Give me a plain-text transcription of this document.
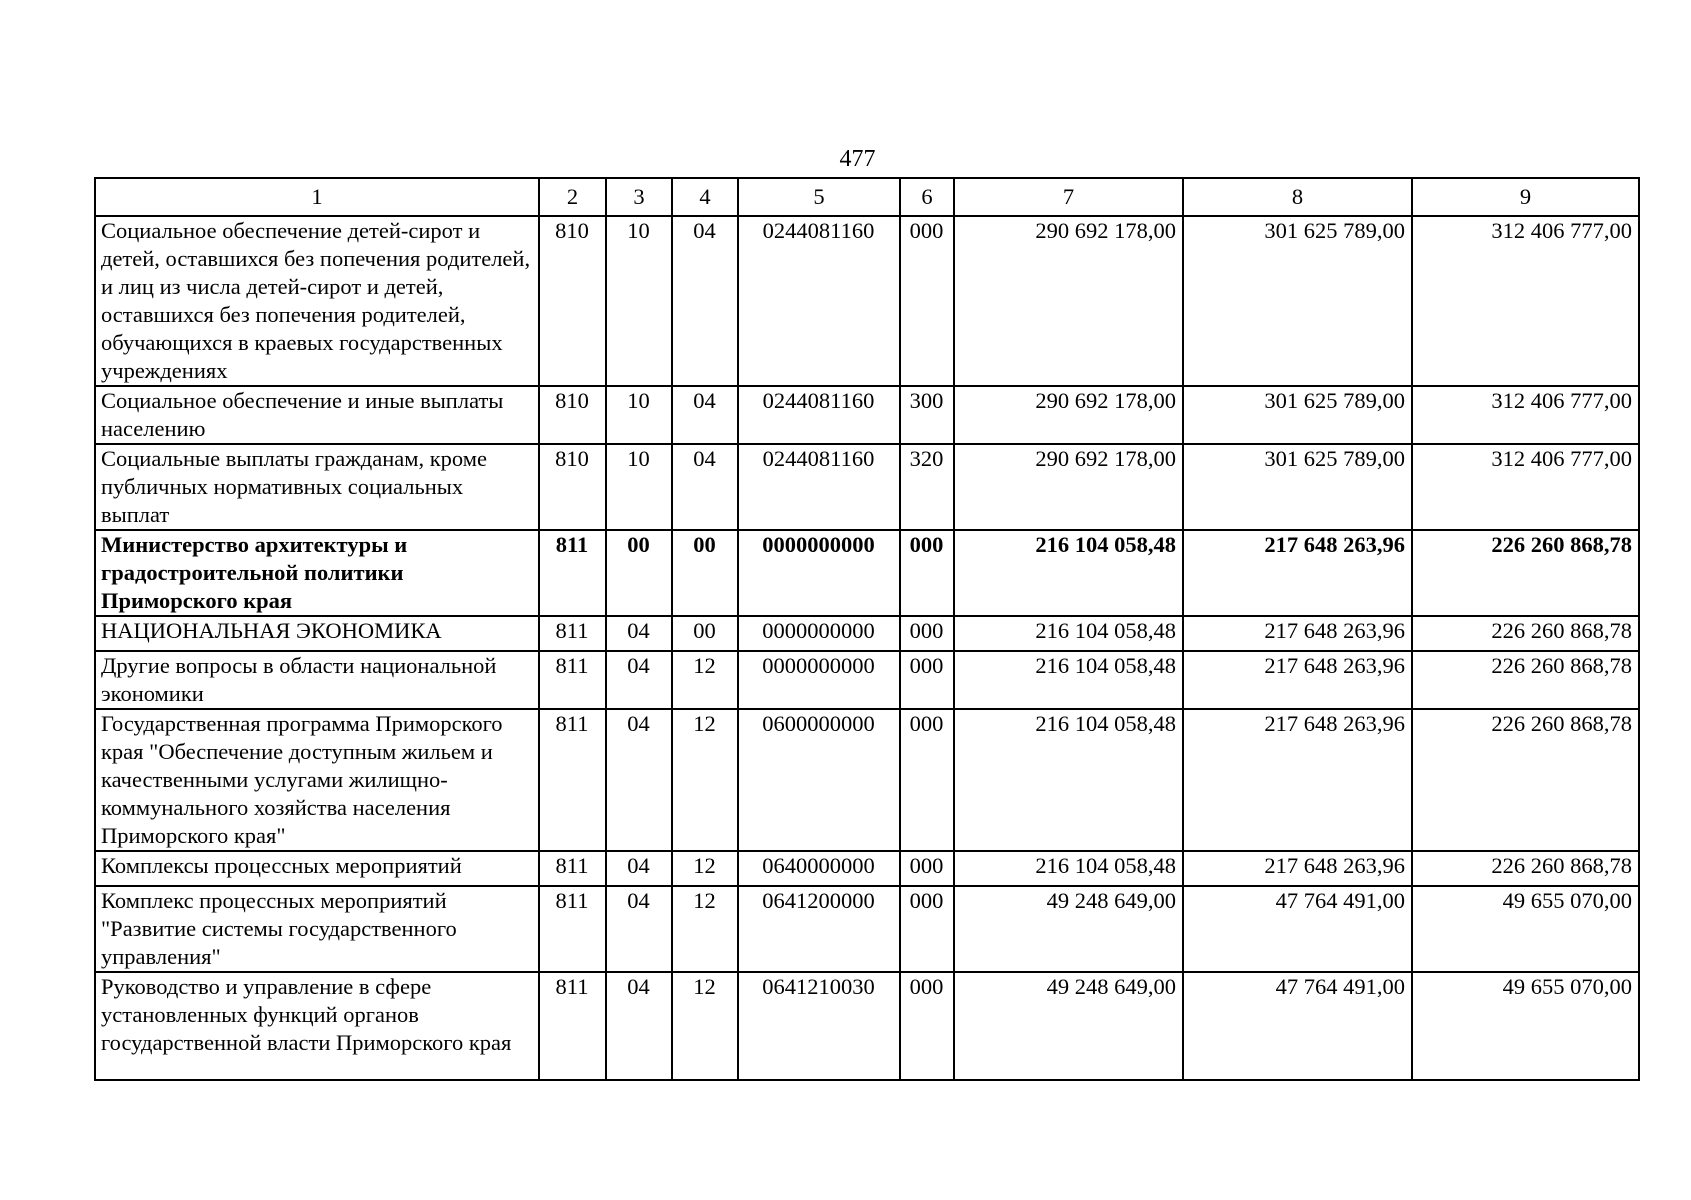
477
1	2	3	4	5	6	7	8	9
Социальное обеспечение детей-сирот и детей, оставшихся без попечения родителей, и лиц из числа детей-сирот и детей, оставшихся без попечения родителей, обучающихся в краевых государственных учреждениях	810	10	04	0244081160	000	290 692 178,00	301 625 789,00	312 406 777,00
Социальное обеспечение и иные выплаты населению	810	10	04	0244081160	300	290 692 178,00	301 625 789,00	312 406 777,00
Социальные выплаты гражданам, кроме публичных нормативных социальных выплат	810	10	04	0244081160	320	290 692 178,00	301 625 789,00	312 406 777,00
Министерство архитектуры и градостроительной политики Приморского края	811	00	00	0000000000	000	216 104 058,48	217 648 263,96	226 260 868,78
НАЦИОНАЛЬНАЯ ЭКОНОМИКА	811	04	00	0000000000	000	216 104 058,48	217 648 263,96	226 260 868,78
Другие вопросы в области национальной экономики	811	04	12	0000000000	000	216 104 058,48	217 648 263,96	226 260 868,78
Государственная программа Приморского края "Обеспечение доступным жильем и качественными услугами жилищно-коммунального хозяйства населения Приморского края"	811	04	12	0600000000	000	216 104 058,48	217 648 263,96	226 260 868,78
Комплексы процессных мероприятий	811	04	12	0640000000	000	216 104 058,48	217 648 263,96	226 260 868,78
Комплекс процессных мероприятий "Развитие системы государственного управления"	811	04	12	0641200000	000	49 248 649,00	47 764 491,00	49 655 070,00
Руководство и управление в сфере установленных функций органов государственной власти Приморского края	811	04	12	0641210030	000	49 248 649,00	47 764 491,00	49 655 070,00
